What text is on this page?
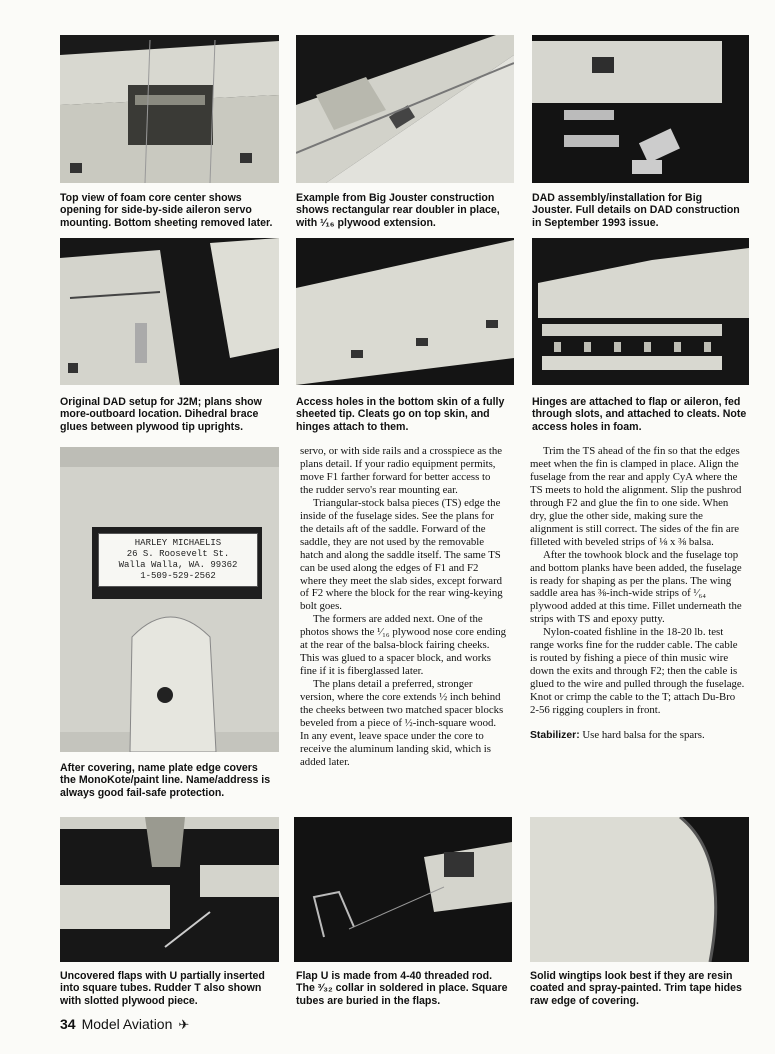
Top view of foam core center shows
opening for side-by-side aileron servo
mounting. Bottom sheeting removed later.
Example from Big Jouster construction
shows rectangular rear doubler in place,
with ¹⁄₁₆ plywood extension.
DAD assembly/installation for Big
Jouster. Full details on DAD construction
in September 1993 issue.
Original DAD setup for J2M; plans show
more-outboard location. Dihedral brace
glues between plywood tip uprights.
Access holes in the bottom skin of a fully
sheeted tip. Cleats go on top skin, and
hinges attach to them.
Hinges are attached to flap or aileron, fed
through slots, and attached to cleats. Note
access holes in foam.
HARLEY MICHAELIS
26 S. Roosevelt St.
Walla Walla, WA. 99362
1-509-529-2562
After covering, name plate edge covers
the MonoKote/paint line. Name/address is
always good fail-safe protection.

servo, or with side rails and a crosspiece as the plans detail. If your radio equipment permits, move F1 farther forward for better access to the rudder servo's rear mounting ear.

Triangular-stock balsa pieces (TS) edge the inside of the fuselage sides. See the plans for the details aft of the saddle. Forward of the saddle, they are not used by the removable hatch and along the saddle itself. The same TS can be used along the edges of F1 and F2 where they meet the slab sides, except forward of F2 where the block for the rear wing-keying bolt goes.

The formers are added next. One of the photos shows the ¹⁄₁₆ plywood nose core ending at the rear of the balsa-block fairing cheeks. This was glued to a spacer block, and works fine if it is fiberglassed later.

The plans detail a preferred, stronger version, where the core extends ½ inch behind the cheeks between two matched spacer blocks beveled from a piece of ½-inch-square wood. In any event, leave space under the core to receive the aluminum landing skid, which is added later.

Trim the TS ahead of the fin so that the edges meet when the fin is clamped in place. Align the fuselage from the rear and apply CyA where the TS meets to hold the alignment. Slip the pushrod through F2 and glue the fin to one side. When dry, glue the other side, making sure the alignment is still correct. The sides of the fin are filleted with beveled strips of ⅛ x ⅜ balsa.

After the towhook block and the fuselage top and bottom planks have been added, the fuselage is ready for shaping as per the plans. The wing saddle area has ⅜-inch-wide strips of ¹⁄₆₄ plywood added at this time. Fillet underneath the strips with TS and epoxy putty.

Nylon-coated fishline in the 18-20 lb. test range works fine for the rudder cable. The cable is routed by fishing a piece of thin music wire down the exits and through F2; then the cable is glued to the wire and pulled through the fuselage. Knot or crimp the cable to the T; attach Du-Bro 2-56 rigging couplers in front.

Stabilizer: Use hard balsa for the spars.

Uncovered flaps with U partially inserted
into square tubes. Rudder T also shown
with slotted plywood piece.
Flap U is made from 4-40 threaded rod.
The ³⁄₃₂ collar in soldered in place. Square
tubes are buried in the flaps.
Solid wingtips look best if they are resin
coated and spray-painted. Trim tape hides
raw edge of covering.
34 Model Aviation ✈
